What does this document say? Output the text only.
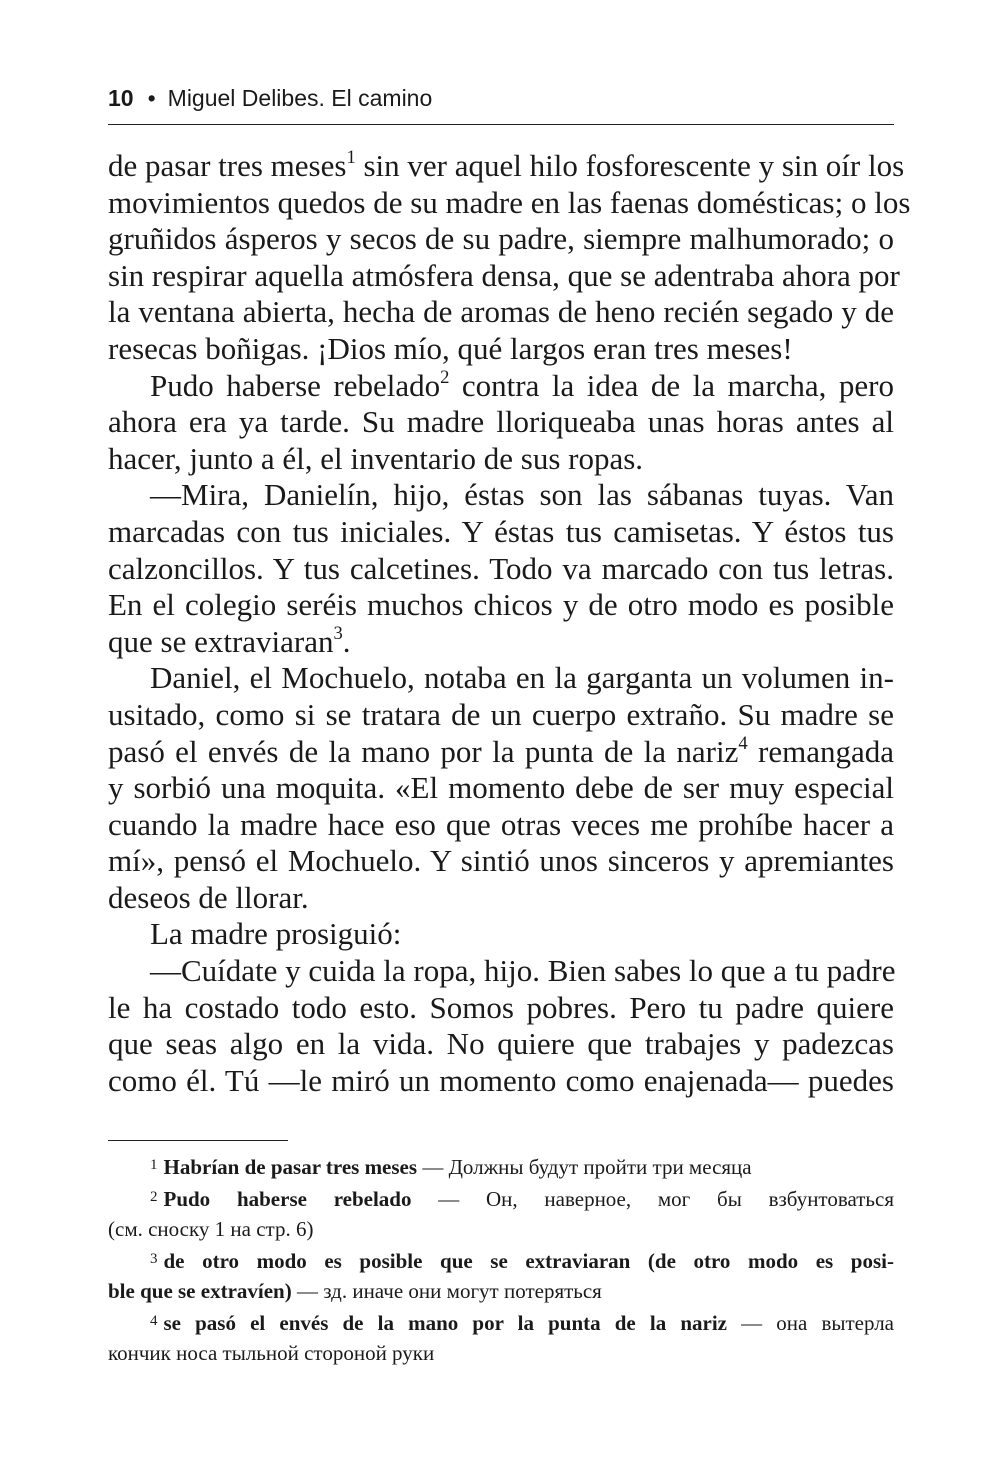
10 • Miguel Delibes. El camino
de pasar tres meses$^1$ sin ver aquel hilo fosforescente y sin oír los
movimientos quedos de su madre en las faenas domésticas; o los
gruñidos ásperos y secos de su padre, siempre malhumorado; o
sin respirar aquella atmósfera densa, que se adentraba ahora por
la ventana abierta, hecha de aromas de heno recién segado y de
resecas boñigas. ¡Dios mío, qué largos eran tres meses!
Pudo haberse rebelado$^2$ contra la idea de la marcha, pero
ahora era ya tarde. Su madre lloriqueaba unas horas antes al
hacer, junto a él, el inventario de sus ropas.
—Mira, Danielín, hijo, éstas son las sábanas tuyas. Van
marcadas con tus iniciales. Y éstas tus camisetas. Y éstos tus
calzoncillos. Y tus calcetines. Todo va marcado con tus letras.
En el colegio seréis muchos chicos y de otro modo es posible
que se extraviaran$^3$.
Daniel, el Mochuelo, notaba en la garganta un volumen in-
usitado, como si se tratara de un cuerpo extraño. Su madre se
pasó el envés de la mano por la punta de la nariz$^4$ remangada
y sorbió una moquita. «El momento debe de ser muy especial
cuando la madre hace eso que otras veces me prohíbe hacer a
mí», pensó el Mochuelo. Y sintió unos sinceros y apremiantes
deseos de llorar.
La madre prosiguió:
—Cuídate y cuida la ropa, hijo. Bien sabes lo que a tu padre
le ha costado todo esto. Somos pobres. Pero tu padre quiere
que seas algo en la vida. No quiere que trabajes y padezcas
como él. Tú —le miró un momento como enajenada— puedes
$^1$ Habrían de pasar tres meses — Должны будут пройти три месяца
$^2$ Pudo haberse rebelado — Он, наверное, мог бы взбунтоваться
(см. сноску 1 на стр. 6)
$^3$ de otro modo es posible que se extraviaran (de otro modo es posi-
ble que se extravíen) — зд. иначе они могут потеряться
$^4$ se pasó el envés de la mano por la punta de la nariz — она вытерла
кончик носа тыльной стороной руки
